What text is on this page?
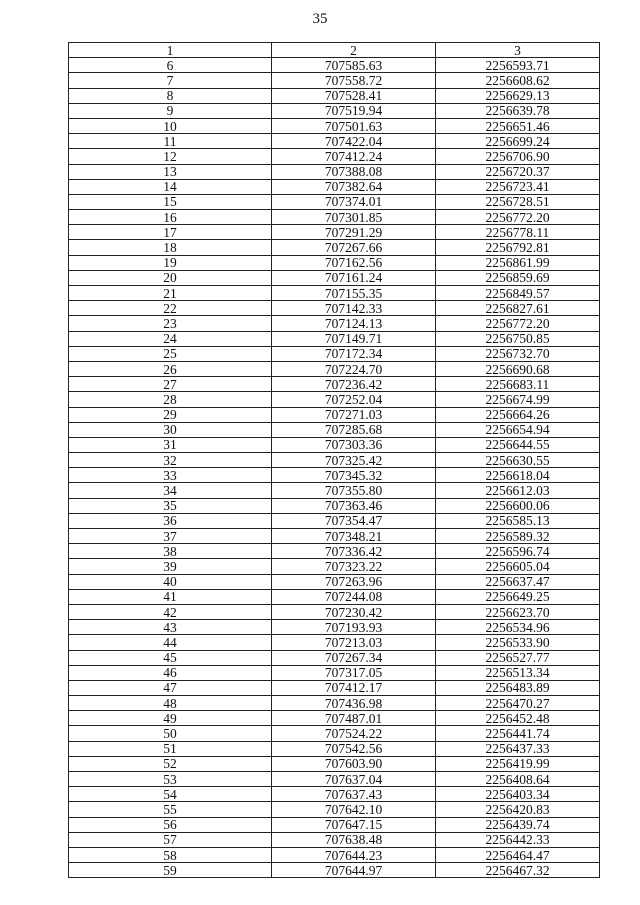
35
1	2	3
6	707585.63	2256593.71
7	707558.72	2256608.62
8	707528.41	2256629.13
9	707519.94	2256639.78
10	707501.63	2256651.46
11	707422.04	2256699.24
12	707412.24	2256706.90
13	707388.08	2256720.37
14	707382.64	2256723.41
15	707374.01	2256728.51
16	707301.85	2256772.20
17	707291.29	2256778.11
18	707267.66	2256792.81
19	707162.56	2256861.99
20	707161.24	2256859.69
21	707155.35	2256849.57
22	707142.33	2256827.61
23	707124.13	2256772.20
24	707149.71	2256750.85
25	707172.34	2256732.70
26	707224.70	2256690.68
27	707236.42	2256683.11
28	707252.04	2256674.99
29	707271.03	2256664.26
30	707285.68	2256654.94
31	707303.36	2256644.55
32	707325.42	2256630.55
33	707345.32	2256618.04
34	707355.80	2256612.03
35	707363.46	2256600.06
36	707354.47	2256585.13
37	707348.21	2256589.32
38	707336.42	2256596.74
39	707323.22	2256605.04
40	707263.96	2256637.47
41	707244.08	2256649.25
42	707230.42	2256623.70
43	707193.93	2256534.96
44	707213.03	2256533.90
45	707267.34	2256527.77
46	707317.05	2256513.34
47	707412.17	2256483.89
48	707436.98	2256470.27
49	707487.01	2256452.48
50	707524.22	2256441.74
51	707542.56	2256437.33
52	707603.90	2256419.99
53	707637.04	2256408.64
54	707637.43	2256403.34
55	707642.10	2256420.83
56	707647.15	2256439.74
57	707638.48	2256442.33
58	707644.23	2256464.47
59	707644.97	2256467.32
